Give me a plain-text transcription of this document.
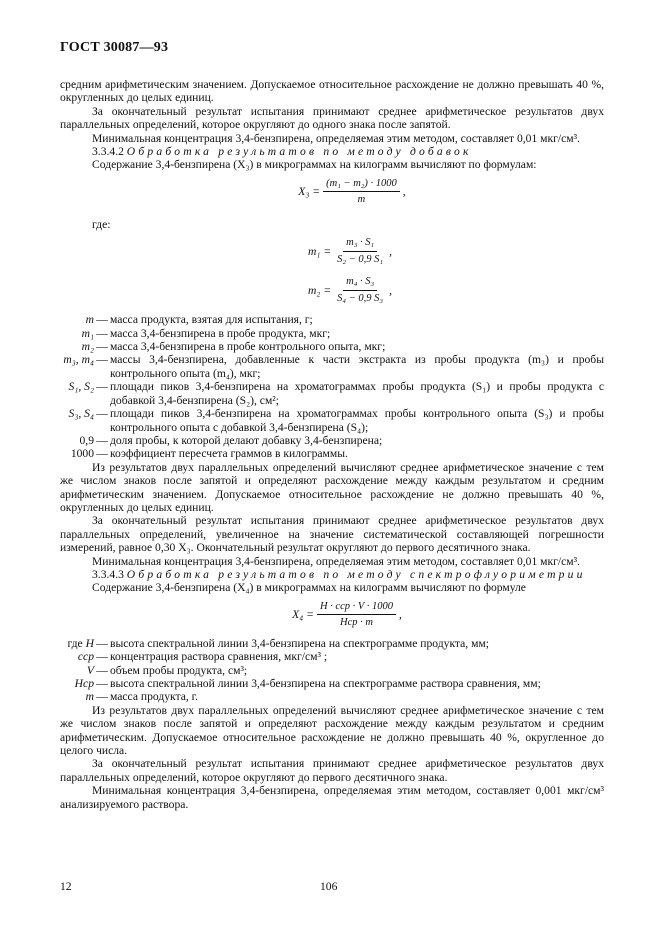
ГОСТ 30087—93

средним арифметическим значением. Допускаемое относительное расхождение не должно превышать 40 %, округленных до целых единиц.

За окончательный результат испытания принимают среднее арифметическое результатов двух параллельных определений, которое округляют до одного знака после запятой.

Минимальная концентрация 3,4-бензпирена, определяемая этим методом, составляет 0,01 мкг/см³.

3.3.4.2 Обработка результатов по методу добавок

Содержание 3,4-бензпирена (X₃) в микрограммах на килограмм вычисляют по формулам:

$X_3 = \frac{\text{(m₁ − m₂) · 1000}}{m}$ ,

где:

$m_1 = \frac{\text{m₃ · S₁}}{\text{S₂ − 0,9 S₁}}$ ,
$m_2 = \frac{\text{m₄ · S₃}}{\text{S₄ − 0,9 S₃}}$ ,
m — масса продукта, взятая для испытания, г;
m₁ — масса 3,4-бензпирена в пробе продукта, мкг;
m₂ — масса 3,4-бензпирена в пробе контрольного опыта, мкг;
m₃, m₄ — массы 3,4-бензпирена, добавленные к части экстракта из пробы продукта (m₃) и пробы контрольного опыта (m₄), мкг;
S₁, S₂ — площади пиков 3,4-бензпирена на хроматограммах пробы продукта (S₁) и пробы продукта с добавкой 3,4-бензпирена (S₂), см²;
S₃, S₄ — площади пиков 3,4-бензпирена на хроматограммах пробы контрольного опыта (S₃) и пробы контрольного опыта с добавкой 3,4-бензпирена (S₄);
0,9 — доля пробы, к которой делают добавку 3,4-бензпирена;
1000 — коэффициент пересчета граммов в килограммы.

Из результатов двух параллельных определений вычисляют среднее арифметическое значение с тем же числом знаков после запятой и определяют расхождение между каждым результатом и средним арифметическим значением. Допускаемое относительное расхождение не должно превышать 40 %, округленных до целых единиц.

За окончательный результат испытания принимают среднее арифметическое результатов двух параллельных определений, увеличенное на значение систематической составляющей погрешности измерений, равное 0,30 X₃. Окончательный результат округляют до первого десятичного знака.

Минимальная концентрация 3,4-бензпирена, определяемая этим методом, составляет 0,01 мкг/см³.

3.3.4.3 Обработка результатов по методу спектрофлуориметрии

Содержание 3,4-бензпирена (X₄) в микрограммах на килограмм вычисляют по формуле

$X_4 = \frac{\text{H · cср · V · 1000}}{\text{Hср · m}}$ ,
где H — высота спектральной линии 3,4-бензпирена на спектрограмме продукта, мм;
cср — концентрация раствора сравнения, мкг/см³ ;
V — объем пробы продукта, см³;
Hср — высота спектральной линии 3,4-бензпирена на спектрограмме раствора сравнения, мм;
m — масса продукта, г.

Из результатов двух параллельных определений вычисляют среднее арифметическое значение с тем же числом знаков после запятой и определяют расхождение между каждым результатом и средним арифметическим. Допускаемое относительное расхождение не должно превышать 40 %, округленное до целого числа.

За окончательный результат испытания принимают среднее арифметическое результатов двух параллельных определений, которое округляют до первого десятичного знака.

Минимальная концентрация 3,4-бензпирена, определяемая этим методом, составляет 0,001 мкг/см³ анализируемого раствора.

12	106
